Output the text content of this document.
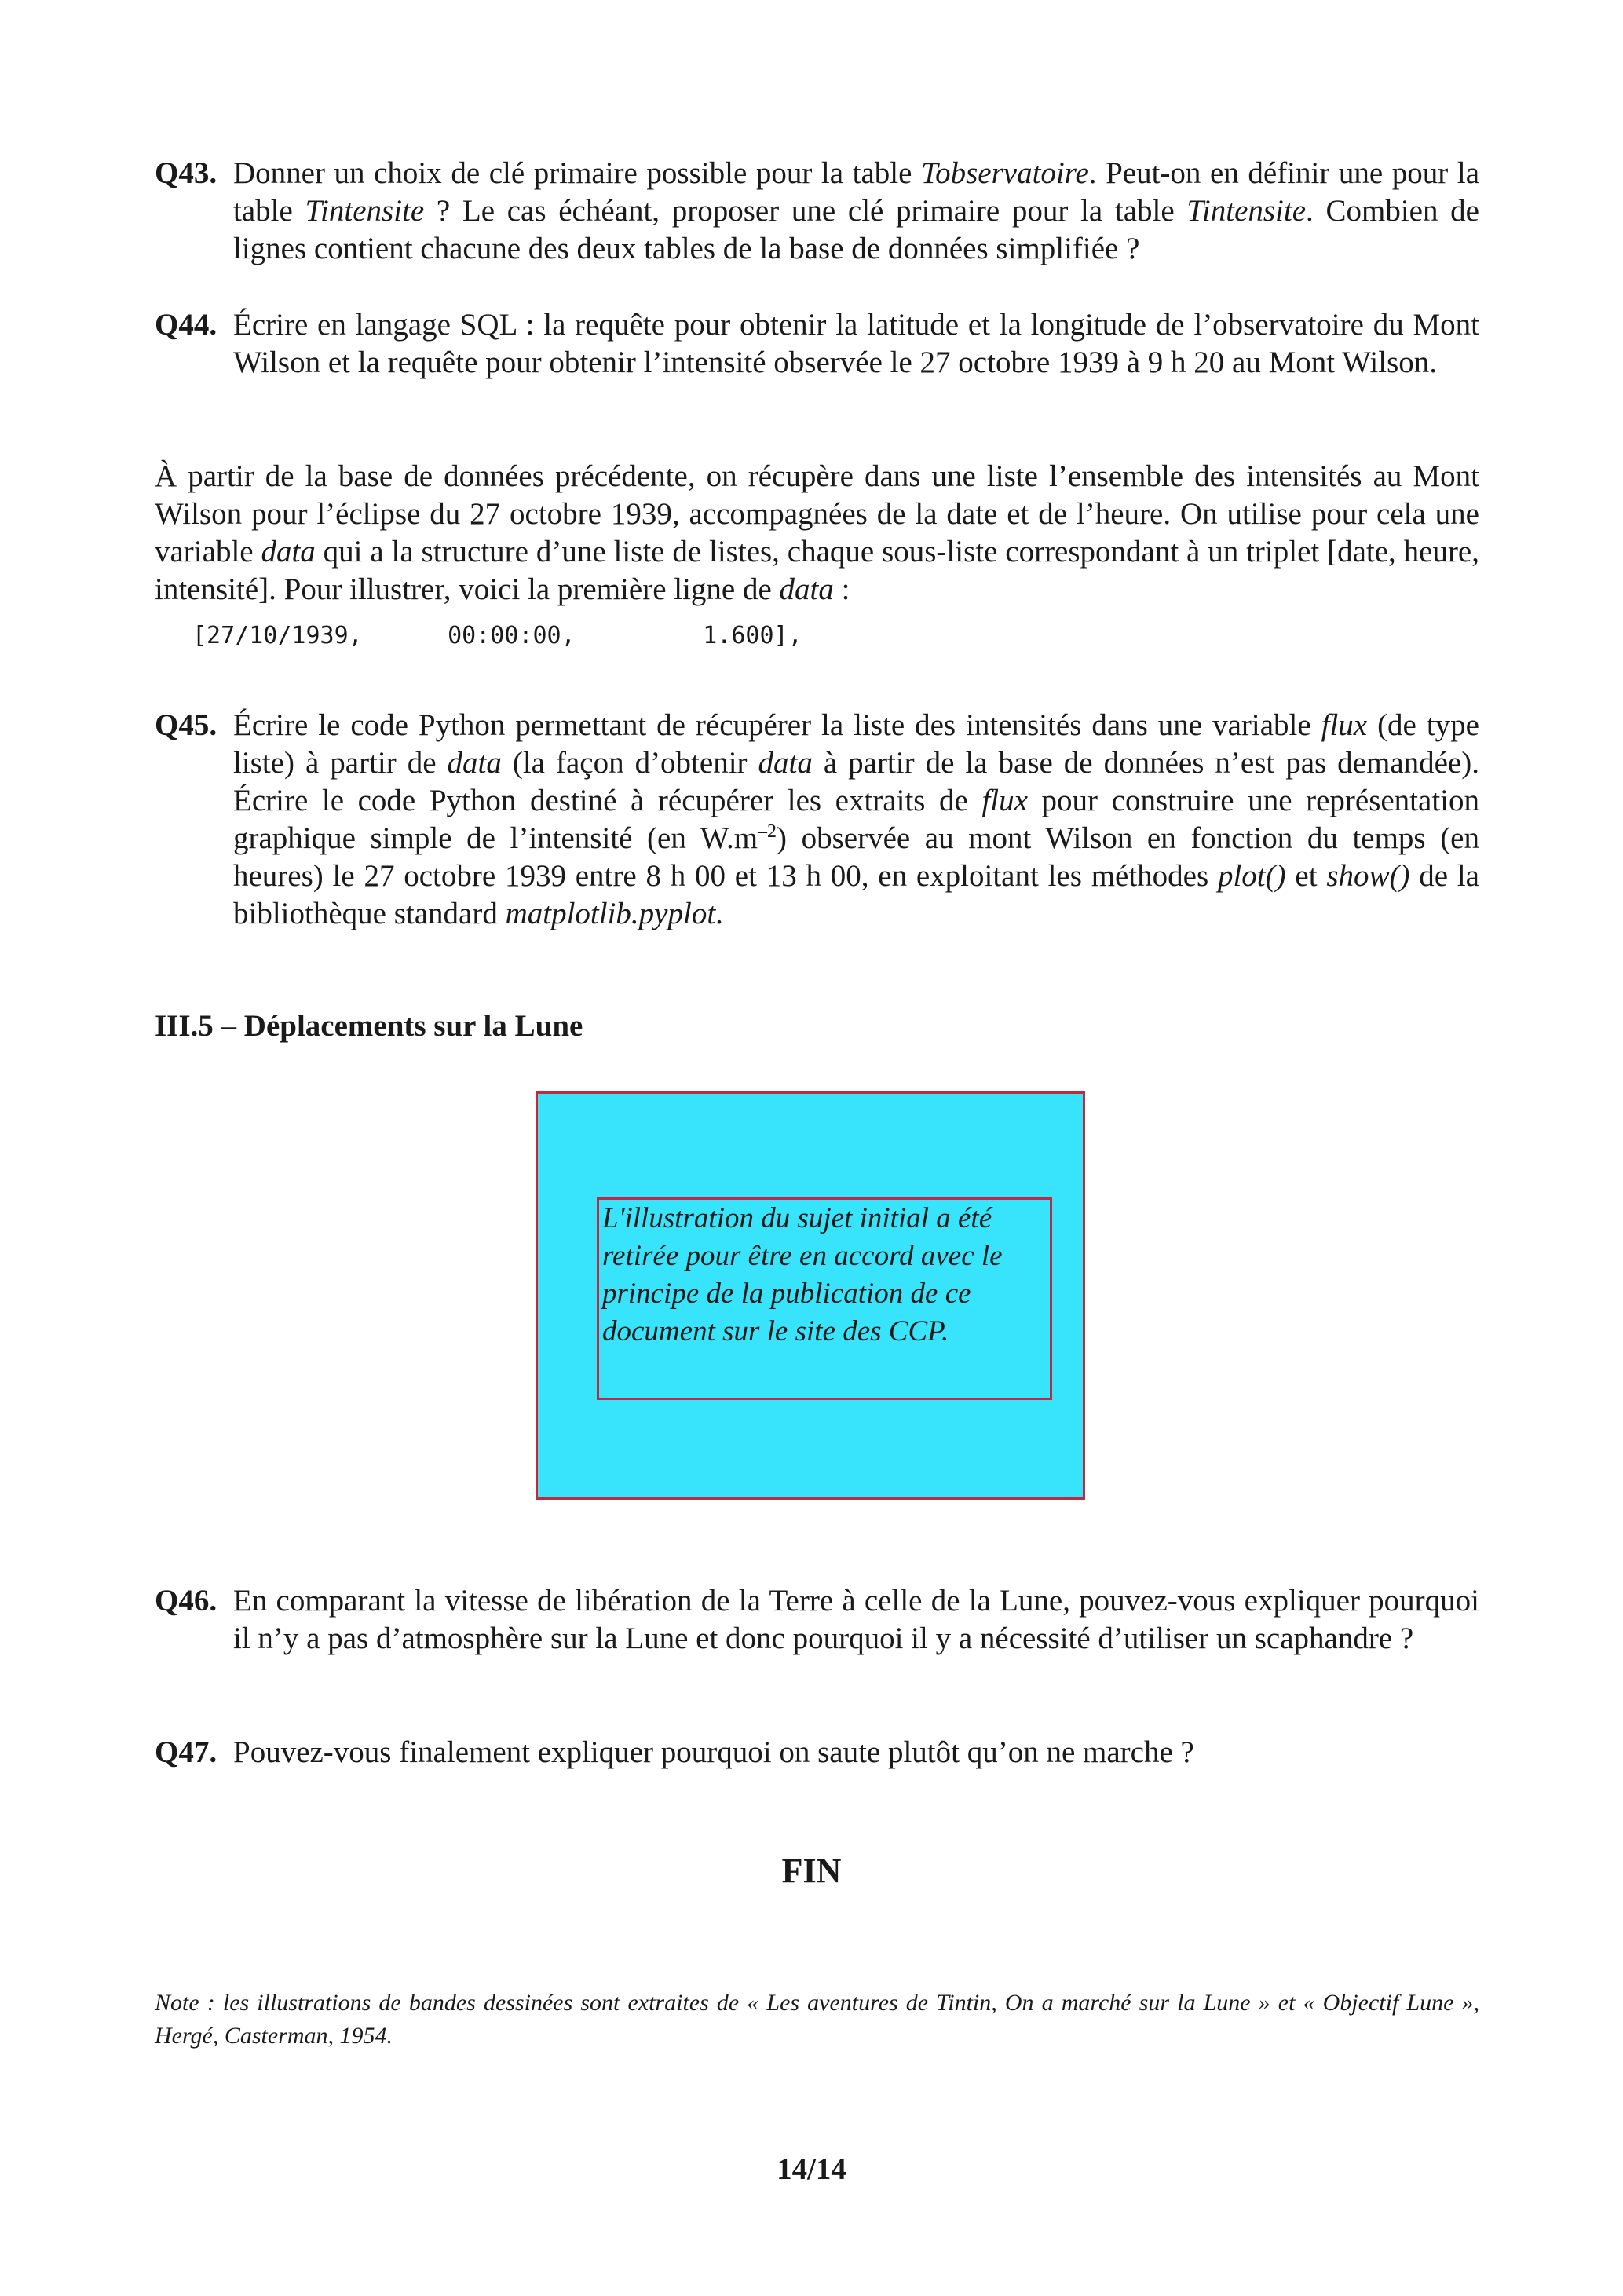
Q43. Donner un choix de clé primaire possible pour la table Tobservatoire. Peut-on en définir une pour la table Tintensite ? Le cas échéant, proposer une clé primaire pour la table Tintensite. Combien de lignes contient chacune des deux tables de la base de données simplifiée ?
Q44. Écrire en langage SQL : la requête pour obtenir la latitude et la longitude de l’observatoire du Mont Wilson et la requête pour obtenir l’intensité observée le 27 octobre 1939 à 9 h 20 au Mont Wilson.
À partir de la base de données précédente, on récupère dans une liste l’ensemble des intensités au Mont Wilson pour l’éclipse du 27 octobre 1939, accompagnées de la date et de l’heure. On utilise pour cela une variable data qui a la structure d’une liste de listes, chaque sous-liste correspondant à un triplet [date, heure, intensité]. Pour illustrer, voici la première ligne de data :
[27/10/1939,      00:00:00,         1.600],
Q45. Écrire le code Python permettant de récupérer la liste des intensités dans une variable flux (de type liste) à partir de data (la façon d’obtenir data à partir de la base de données n’est pas demandée). Écrire le code Python destiné à récupérer les extraits de flux pour construire une représentation graphique simple de l’intensité (en $W.m^{-2}$) observée au mont Wilson en fonction du temps (en heures) le 27 octobre 1939 entre 8 h 00 et 13 h 00, en exploitant les méthodes plot() et show() de la bibliothèque standard matplotlib.pyplot.
III.5 – Déplacements sur la Lune
L'illustration du sujet initial a été retirée pour être en accord avec le principe de la publication de ce document sur le site des CCP.
Q46. En comparant la vitesse de libération de la Terre à celle de la Lune, pouvez-vous expliquer pourquoi il n’y a pas d’atmosphère sur la Lune et donc pourquoi il y a nécessité d’utiliser un scaphandre ?
Q47. Pouvez-vous finalement expliquer pourquoi on saute plutôt qu’on ne marche ?
FIN
Note : les illustrations de bandes dessinées sont extraites de « Les aventures de Tintin, On a marché sur la Lune » et « Objectif Lune », Hergé, Casterman, 1954.
14/14
